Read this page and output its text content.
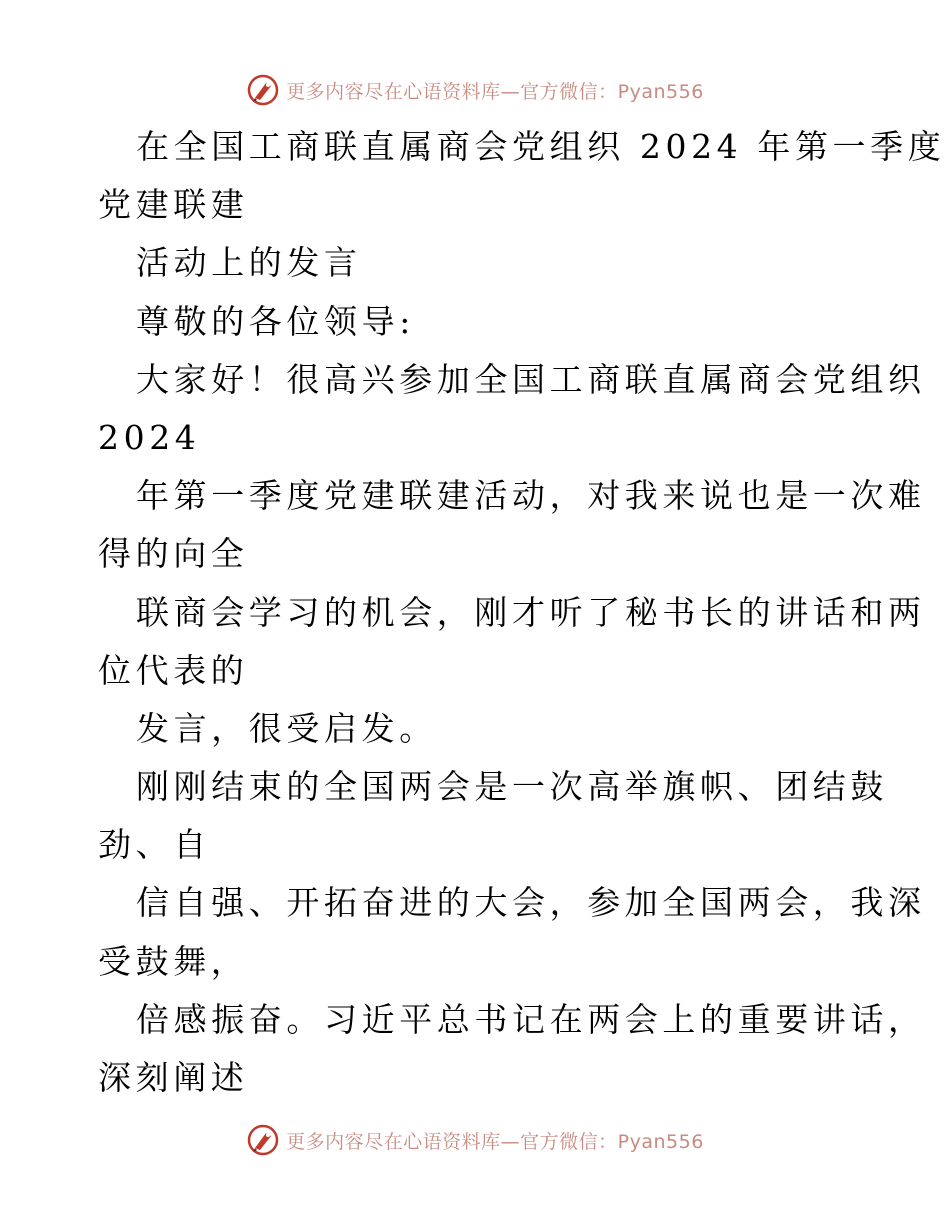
更多内容尽在心语资料库—官方微信：Pyan556
在全国工商联直属商会党组织 2024 年第一季度
党建联建
活动上的发言
尊敬的各位领导:
大家好！很高兴参加全国工商联直属商会党组织
2024
年第一季度党建联建活动，对我来说也是一次难
得的向全
联商会学习的机会，刚才听了秘书长的讲话和两
位代表的
发言，很受启发。
刚刚结束的全国两会是一次高举旗帜、团结鼓
劲、自
信自强、开拓奋进的大会，参加全国两会，我深
受鼓舞，
倍感振奋。习近平总书记在两会上的重要讲话，
深刻阐述
更多内容尽在心语资料库—官方微信：Pyan556
